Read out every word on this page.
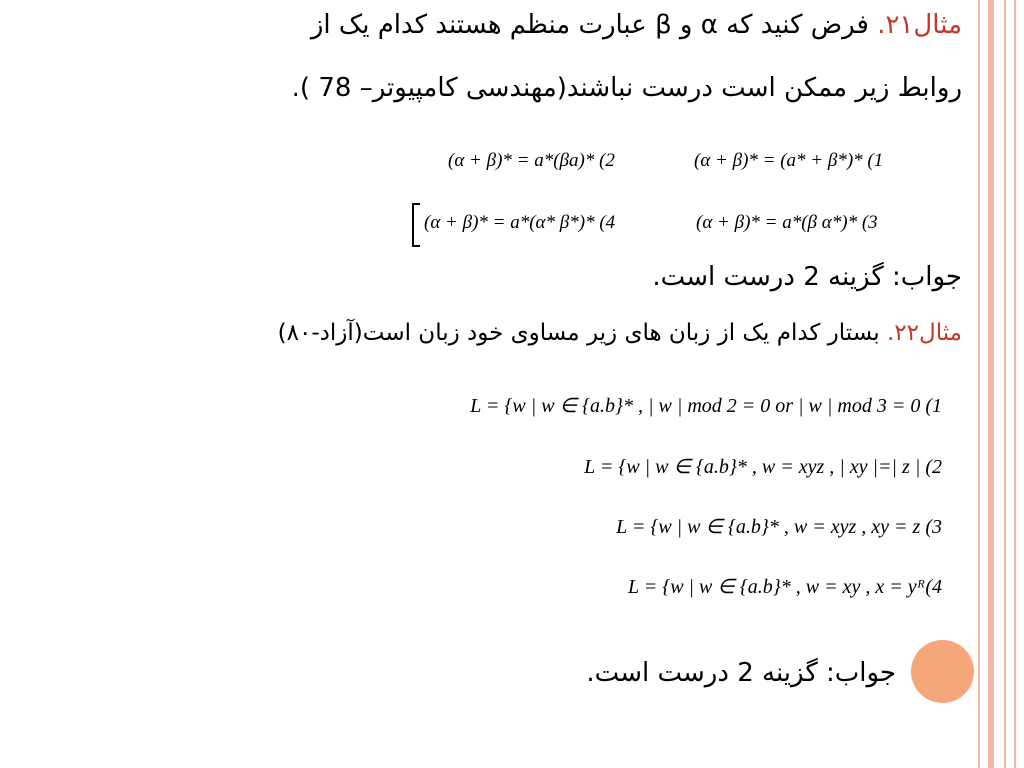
مثال۲۱. فرض کنید که α و β عبارت منظم هستند کدام یک از
روابط زیر ممکن است درست نباشند(مهندسی کامپیوتر– 78 ).
(α + β)* = a*(βa)* (2	(α + β)* = (a* + β*)* (1
(α + β)* = a*(α* β*)* (4	(α + β)* = a*(β α*)* (3
جواب: گزینه 2 درست است.
مثال۲۲. بستار کدام یک از زبان های زیر مساوی خود زبان است(آزاد-۸۰)
L = {w | w ∈ {a.b}* , | w | mod 2 = 0 or | w | mod 3 = 0 (1
L = {w | w ∈ {a.b}* , w = xyz , | xy |=| z | (2
L = {w | w ∈ {a.b}* , w = xyz , xy = z (3
L = {w | w ∈ {a.b}* , w = xy , x = yᴿ(4
جواب: گزینه 2 درست است.
